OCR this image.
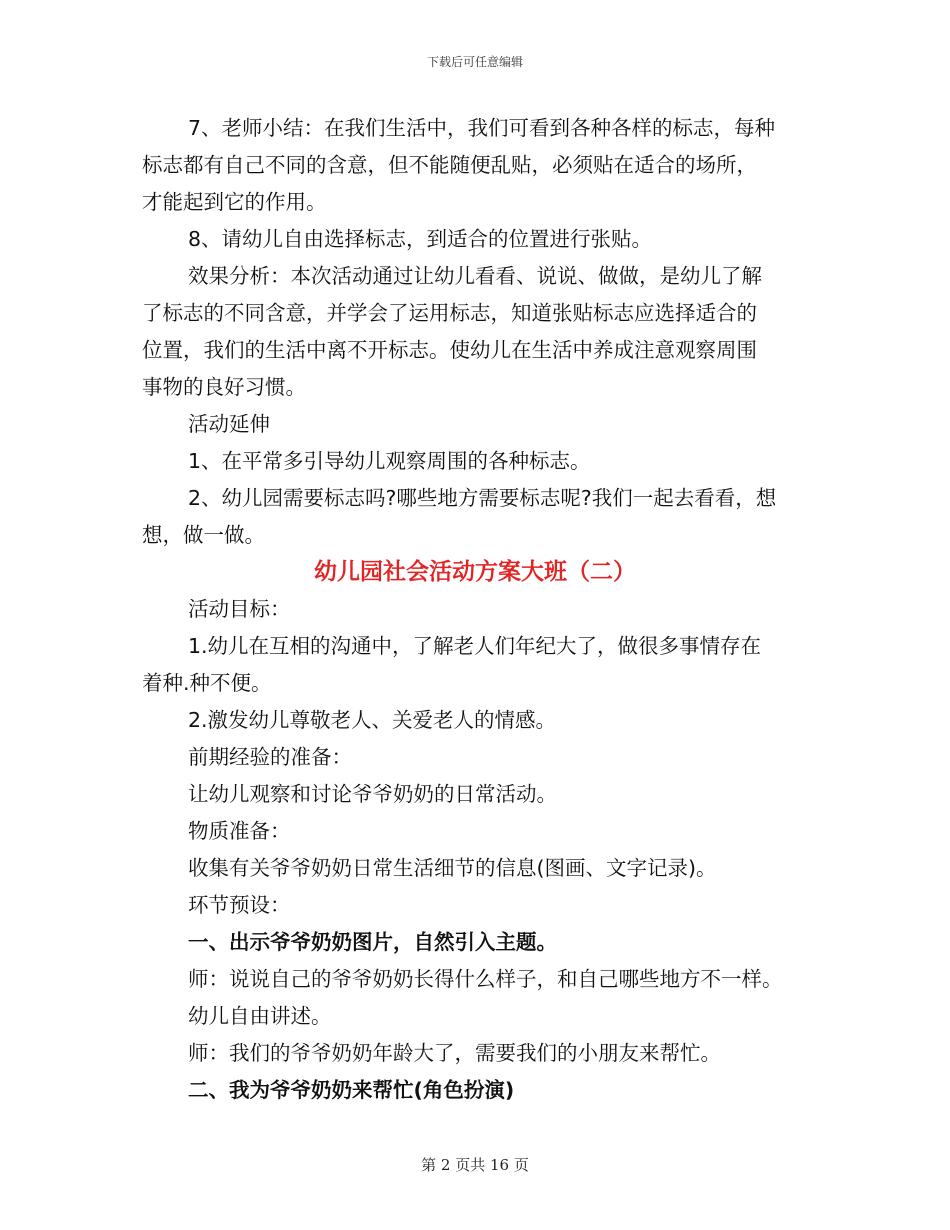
下载后可任意编辑

7、老师小结：在我们生活中，我们可看到各种各样的标志，每种

标志都有自己不同的含意，但不能随便乱贴，必须贴在适合的场所，
才能起到它的作用。

8、请幼儿自由选择标志，到适合的位置进行张贴。

效果分析：本次活动通过让幼儿看看、说说、做做，是幼儿了解

了标志的不同含意，并学会了运用标志，知道张贴标志应选择适合的
位置，我们的生活中离不开标志。使幼儿在生活中养成注意观察周围
事物的良好习惯。

活动延伸

1、在平常多引导幼儿观察周围的各种标志。

2、幼儿园需要标志吗?哪些地方需要标志呢?我们一起去看看，想

想，做一做。

幼儿园社会活动方案大班（二）

活动目标：

1.幼儿在互相的沟通中，了解老人们年纪大了，做很多事情存在

着种.种不便。

2.激发幼儿尊敬老人、关爱老人的情感。

前期经验的准备：

让幼儿观察和讨论爷爷奶奶的日常活动。

物质准备：

收集有关爷爷奶奶日常生活细节的信息(图画、文字记录)。

环节预设：

一、出示爷爷奶奶图片，自然引入主题。

师：说说自己的爷爷奶奶长得什么样子，和自己哪些地方不一样。

幼儿自由讲述。

师：我们的爷爷奶奶年龄大了，需要我们的小朋友来帮忙。

二、我为爷爷奶奶来帮忙(角色扮演)

第 2 页共 16 页
